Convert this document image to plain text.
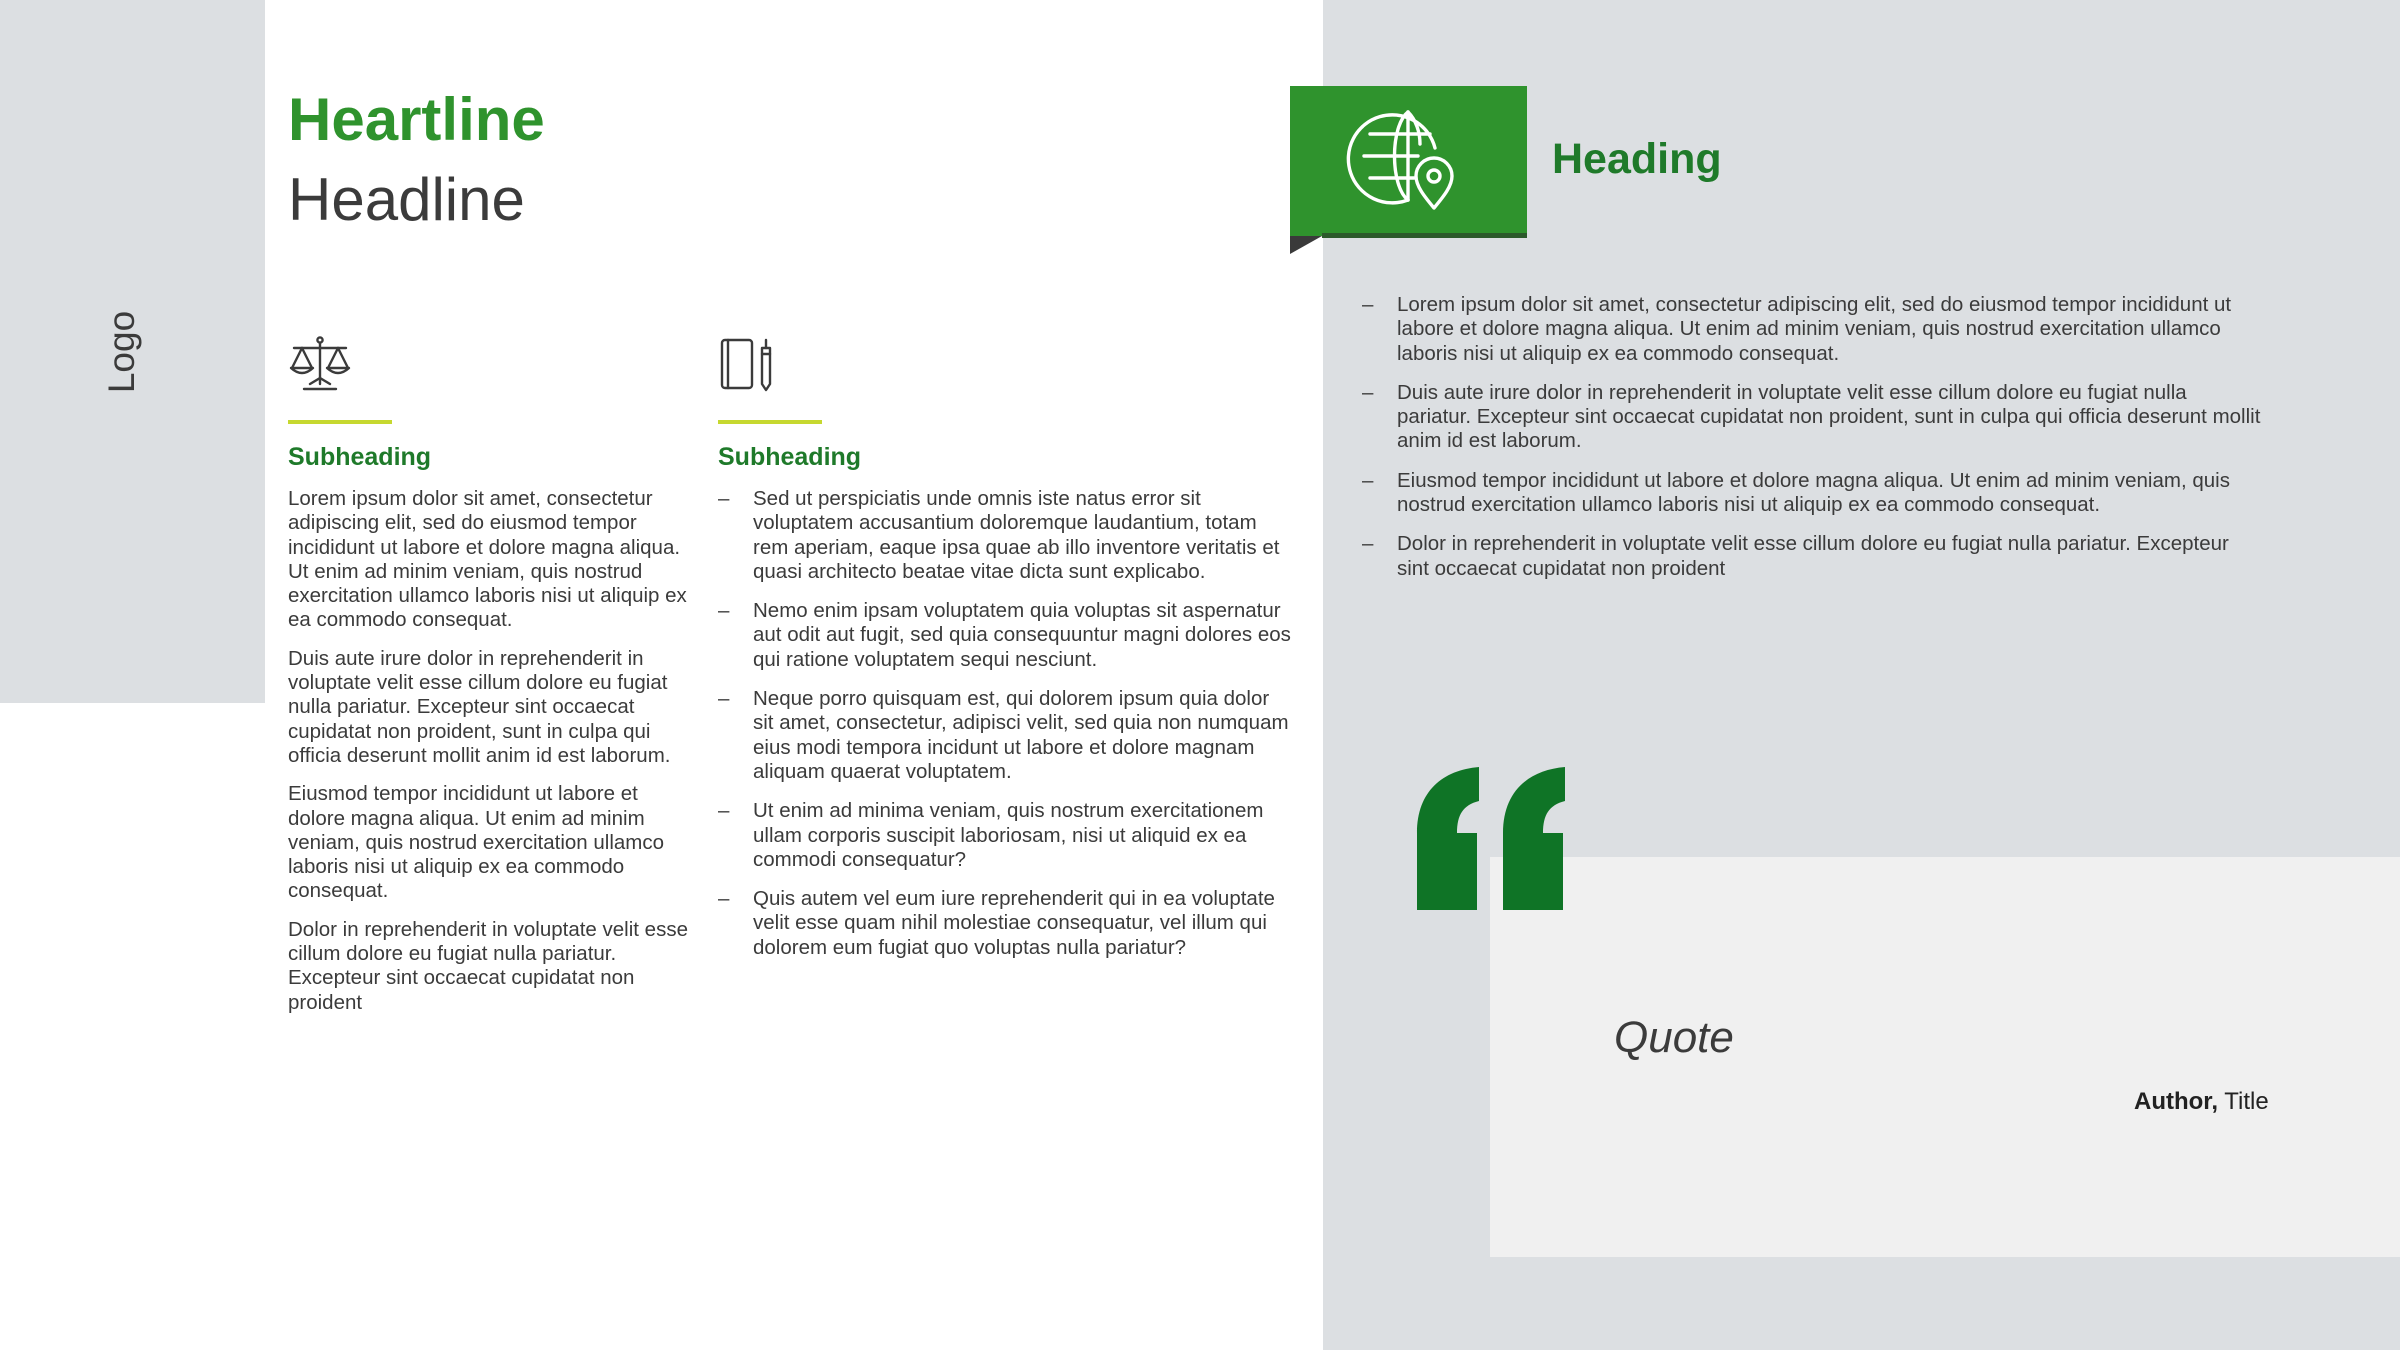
Logo
Heartline
Headline
Subheading

Lorem ipsum dolor sit amet, consectetur adipiscing elit, sed do eiusmod tempor incididunt ut labore et dolore magna aliqua. Ut enim ad minim veniam, quis nostrud exercitation ullamco laboris nisi ut aliquip ex ea commodo consequat.

Duis aute irure dolor in reprehenderit in voluptate velit esse cillum dolore eu fugiat nulla pariatur. Excepteur sint occaecat cupidatat non proident, sunt in culpa qui officia deserunt mollit anim id est laborum.

Eiusmod tempor incididunt ut labore et dolore magna aliqua. Ut enim ad minim veniam, quis nostrud exercitation ullamco laboris nisi ut aliquip ex ea commodo consequat.

Dolor in reprehenderit in voluptate velit esse cillum dolore eu fugiat nulla pariatur. Excepteur sint occaecat cupidatat non proident

Subheading
– Sed ut perspiciatis unde omnis iste natus error sit voluptatem accusantium doloremque laudantium, totam rem aperiam, eaque ipsa quae ab illo inventore veritatis et quasi architecto beatae vitae dicta sunt explicabo.
– Nemo enim ipsam voluptatem quia voluptas sit aspernatur aut odit aut fugit, sed quia consequuntur magni dolores eos qui ratione voluptatem sequi nesciunt.
– Neque porro quisquam est, qui dolorem ipsum quia dolor sit amet, consectetur, adipisci velit, sed quia non numquam eius modi tempora incidunt ut labore et dolore magnam aliquam quaerat voluptatem.
– Ut enim ad minima veniam, quis nostrum exercitationem ullam corporis suscipit laboriosam, nisi ut aliquid ex ea commodi consequatur?
– Quis autem vel eum iure reprehenderit qui in ea voluptate velit esse quam nihil molestiae consequatur, vel illum qui dolorem eum fugiat quo voluptas nulla pariatur?
Heading
– Lorem ipsum dolor sit amet, consectetur adipiscing elit, sed do eiusmod tempor incididunt ut labore et dolore magna aliqua. Ut enim ad minim veniam, quis nostrud exercitation ullamco laboris nisi ut aliquip ex ea commodo consequat.
– Duis aute irure dolor in reprehenderit in voluptate velit esse cillum dolore eu fugiat nulla pariatur. Excepteur sint occaecat cupidatat non proident, sunt in culpa qui officia deserunt mollit anim id est laborum.
– Eiusmod tempor incididunt ut labore et dolore magna aliqua. Ut enim ad minim veniam, quis nostrud exercitation ullamco laboris nisi ut aliquip ex ea commodo consequat.
– Dolor in reprehenderit in voluptate velit esse cillum dolore eu fugiat nulla pariatur. Excepteur sint occaecat cupidatat non proident
Quote
Author, Title
